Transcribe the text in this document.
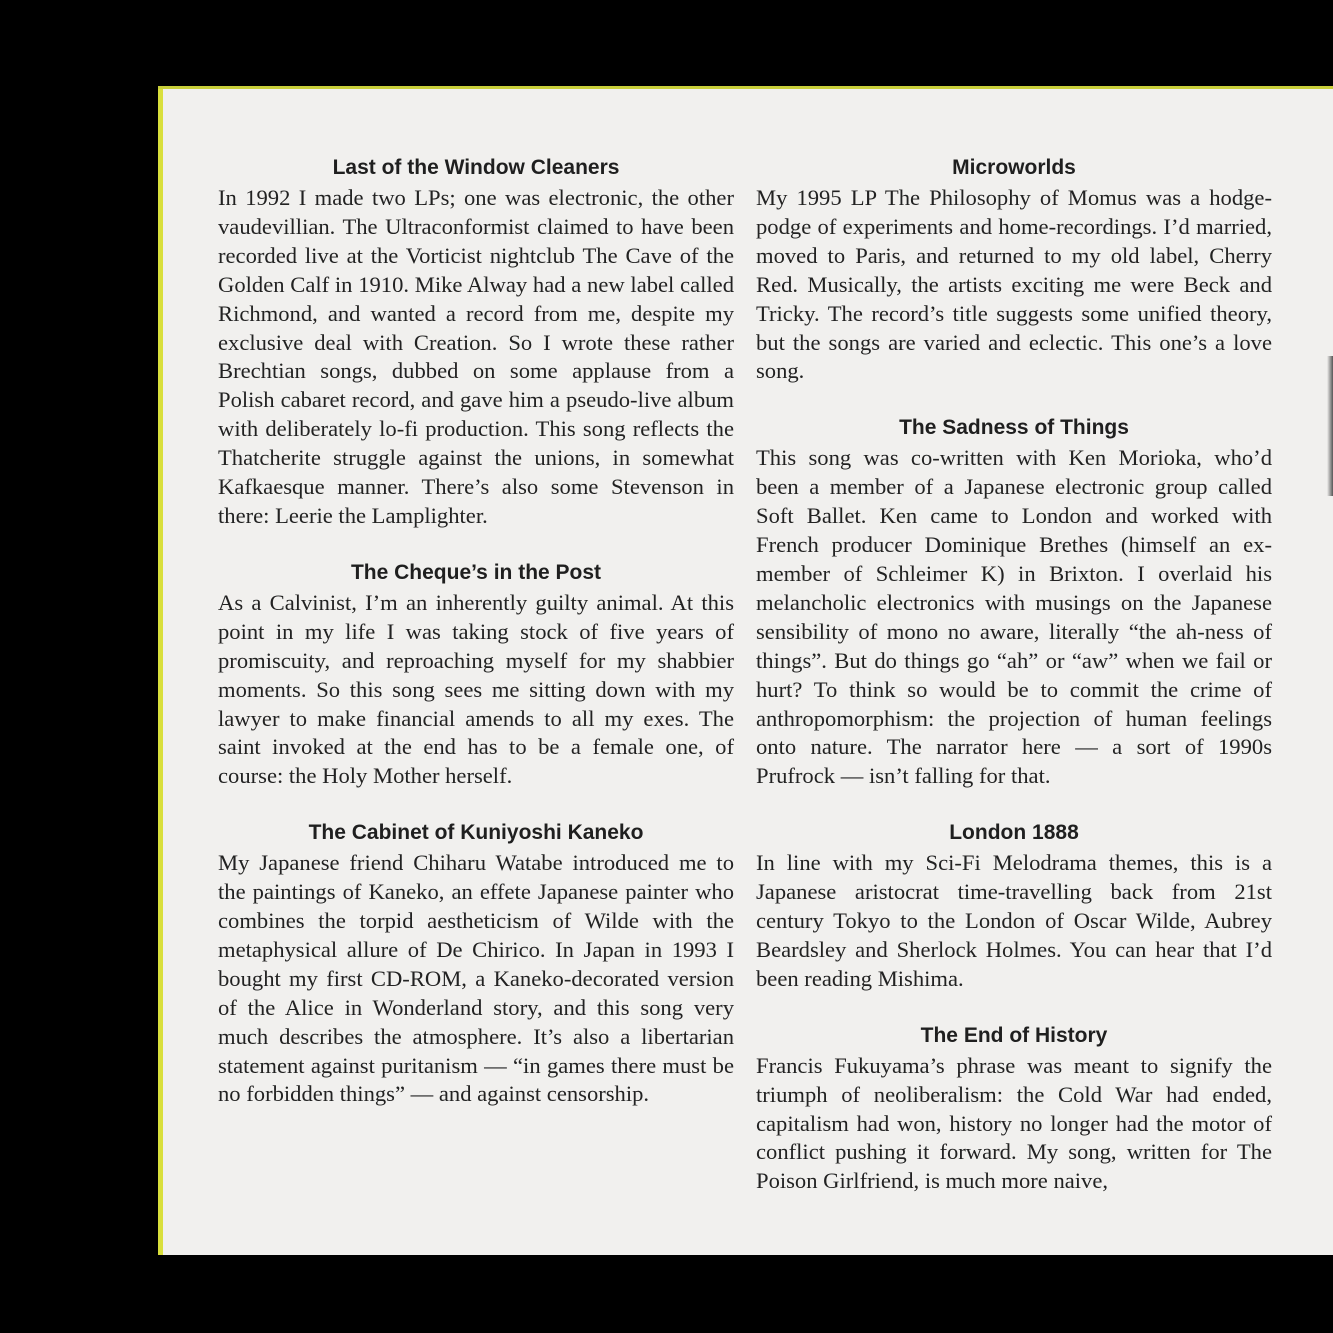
Last of the Window Cleaners

In 1992 I made two LPs; one was electronic, the other vaudevillian. The Ultraconformist claimed to have been recorded live at the Vorticist nightclub The Cave of the Golden Calf in 1910. Mike Alway had a new label called Richmond, and wanted a record from me, despite my exclusive deal with Creation. So I wrote these rather Brechtian songs, dubbed on some applause from a Polish cabaret record, and gave him a pseudo-live album with deliberately lo-fi production. This song reflects the Thatcherite struggle against the unions, in somewhat Kafkaesque manner. There’s also some Stevenson in there: Leerie the Lamplighter.

The Cheque’s in the Post

As a Calvinist, I’m an inherently guilty animal. At this point in my life I was taking stock of five years of promiscuity, and reproaching myself for my shabbier moments. So this song sees me sitting down with my lawyer to make financial amends to all my exes. The saint invoked at the end has to be a female one, of course: the Holy Mother herself.

The Cabinet of Kuniyoshi Kaneko

My Japanese friend Chiharu Watabe introduced me to the paintings of Kaneko, an effete Japanese painter who combines the torpid aestheticism of Wilde with the metaphysical allure of De Chirico. In Japan in 1993 I bought my first CD-ROM, a Kaneko-decorated version of the Alice in Wonderland story, and this song very much describes the atmosphere. It’s also a libertarian statement against puritanism — “in games there must be no forbidden things” — and against censorship.

Microworlds

My 1995 LP The Philosophy of Momus was a hodgepodge of experiments and home-recordings. I’d married, moved to Paris, and returned to my old label, Cherry Red. Musically, the artists exciting me were Beck and Tricky. The record’s title suggests some unified theory, but the songs are varied and eclectic. This one’s a love song.

The Sadness of Things

This song was co-written with Ken Morioka, who’d been a member of a Japanese electronic group called Soft Ballet. Ken came to London and worked with French producer Dominique Brethes (himself an ex-member of Schleimer K) in Brixton. I overlaid his melancholic electronics with musings on the Japanese sensibility of mono no aware, literally “the ah-ness of things”. But do things go “ah” or “aw” when we fail or hurt? To think so would be to commit the crime of anthropomorphism: the projection of human feelings onto nature. The narrator here — a sort of 1990s Prufrock — isn’t falling for that.

London 1888

In line with my Sci-Fi Melodrama themes, this is a Japanese aristocrat time-travelling back from 21st century Tokyo to the London of Oscar Wilde, Aubrey Beardsley and Sherlock Holmes. You can hear that I’d been reading Mishima.

The End of History

Francis Fukuyama’s phrase was meant to signify the triumph of neoliberalism: the Cold War had ended, capitalism had won, history no longer had the motor of conflict pushing it forward. My song, written for The Poison Girlfriend, is much more naive,
